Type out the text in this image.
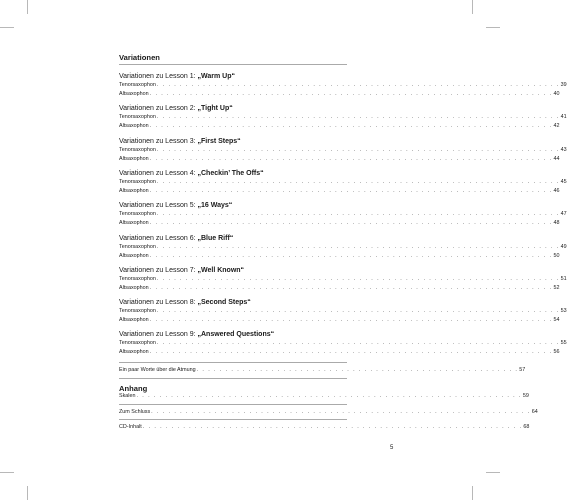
Variationen
Variationen zu Lesson 1: „Warm Up“
Tenorsaxophon . . . . . . . . . . . . . . . . . . . . . . . . . . . . . . . . . . . . . . . . . . . . . . . . . . . . . . . . . . . . . . . . . . . . . . 39
Altsaxophon . . . . . . . . . . . . . . . . . . . . . . . . . . . . . . . . . . . . . . . . . . . . . . . . . . . . . . . . . . . . . . . . . . . . . . 40
Variationen zu Lesson 2: „Tight Up“
Tenorsaxophon . . . . . . . . . . . . . . . . . . . . . . . . . . . . . . . . . . . . . . . . . . . . . . . . . . . . . . . . . . . . . . . . . . . . . . 41
Altsaxophon . . . . . . . . . . . . . . . . . . . . . . . . . . . . . . . . . . . . . . . . . . . . . . . . . . . . . . . . . . . . . . . . . . . . . . 42
Variationen zu Lesson 3: „First Steps“
Tenorsaxophon . . . . . . . . . . . . . . . . . . . . . . . . . . . . . . . . . . . . . . . . . . . . . . . . . . . . . . . . . . . . . . . . . . . . . . 43
Altsaxophon . . . . . . . . . . . . . . . . . . . . . . . . . . . . . . . . . . . . . . . . . . . . . . . . . . . . . . . . . . . . . . . . . . . . . . 44
Variationen zu Lesson 4: „Checkin’ The Offs“
Tenorsaxophon . . . . . . . . . . . . . . . . . . . . . . . . . . . . . . . . . . . . . . . . . . . . . . . . . . . . . . . . . . . . . . . . . . . . . . 45
Altsaxophon . . . . . . . . . . . . . . . . . . . . . . . . . . . . . . . . . . . . . . . . . . . . . . . . . . . . . . . . . . . . . . . . . . . . . . 46
Variationen zu Lesson 5: „16 Ways“
Tenorsaxophon . . . . . . . . . . . . . . . . . . . . . . . . . . . . . . . . . . . . . . . . . . . . . . . . . . . . . . . . . . . . . . . . . . . . . . 47
Altsaxophon . . . . . . . . . . . . . . . . . . . . . . . . . . . . . . . . . . . . . . . . . . . . . . . . . . . . . . . . . . . . . . . . . . . . . . 48
Variationen zu Lesson 6: „Blue Riff“
Tenorsaxophon . . . . . . . . . . . . . . . . . . . . . . . . . . . . . . . . . . . . . . . . . . . . . . . . . . . . . . . . . . . . . . . . . . . . . . 49
Altsaxophon . . . . . . . . . . . . . . . . . . . . . . . . . . . . . . . . . . . . . . . . . . . . . . . . . . . . . . . . . . . . . . . . . . . . . . 50
Variationen zu Lesson 7: „Well Known“
Tenorsaxophon . . . . . . . . . . . . . . . . . . . . . . . . . . . . . . . . . . . . . . . . . . . . . . . . . . . . . . . . . . . . . . . . . . . . . . 51
Altsaxophon . . . . . . . . . . . . . . . . . . . . . . . . . . . . . . . . . . . . . . . . . . . . . . . . . . . . . . . . . . . . . . . . . . . . . . 52
Variationen zu Lesson 8: „Second Steps“
Tenorsaxophon . . . . . . . . . . . . . . . . . . . . . . . . . . . . . . . . . . . . . . . . . . . . . . . . . . . . . . . . . . . . . . . . . . . . . . 53
Altsaxophon . . . . . . . . . . . . . . . . . . . . . . . . . . . . . . . . . . . . . . . . . . . . . . . . . . . . . . . . . . . . . . . . . . . . . . 54
Variationen zu Lesson 9: „Answered Questions“
Tenorsaxophon . . . . . . . . . . . . . . . . . . . . . . . . . . . . . . . . . . . . . . . . . . . . . . . . . . . . . . . . . . . . . . . . . . . . . . 55
Altsaxophon . . . . . . . . . . . . . . . . . . . . . . . . . . . . . . . . . . . . . . . . . . . . . . . . . . . . . . . . . . . . . . . . . . . . . . 56
Ein paar Worte über die Atmung . . . . . . . . . . . . . . . . . . . . . . . . . . . . . . . . . . . . . . . . . . . . . . . . . . . . . . . . 57
Anhang
Skalen . . . . . . . . . . . . . . . . . . . . . . . . . . . . . . . . . . . . . . . . . . . . . . . . . . . . . . . . . . . . . . . . . . . 59
Zum Schluss . . . . . . . . . . . . . . . . . . . . . . . . . . . . . . . . . . . . . . . . . . . . . . . . . . . . . . . . . . . . . . . . . . 64
CD-Inhalt . . . . . . . . . . . . . . . . . . . . . . . . . . . . . . . . . . . . . . . . . . . . . . . . . . . . . . . . . . . . . . . . . . 68
5
